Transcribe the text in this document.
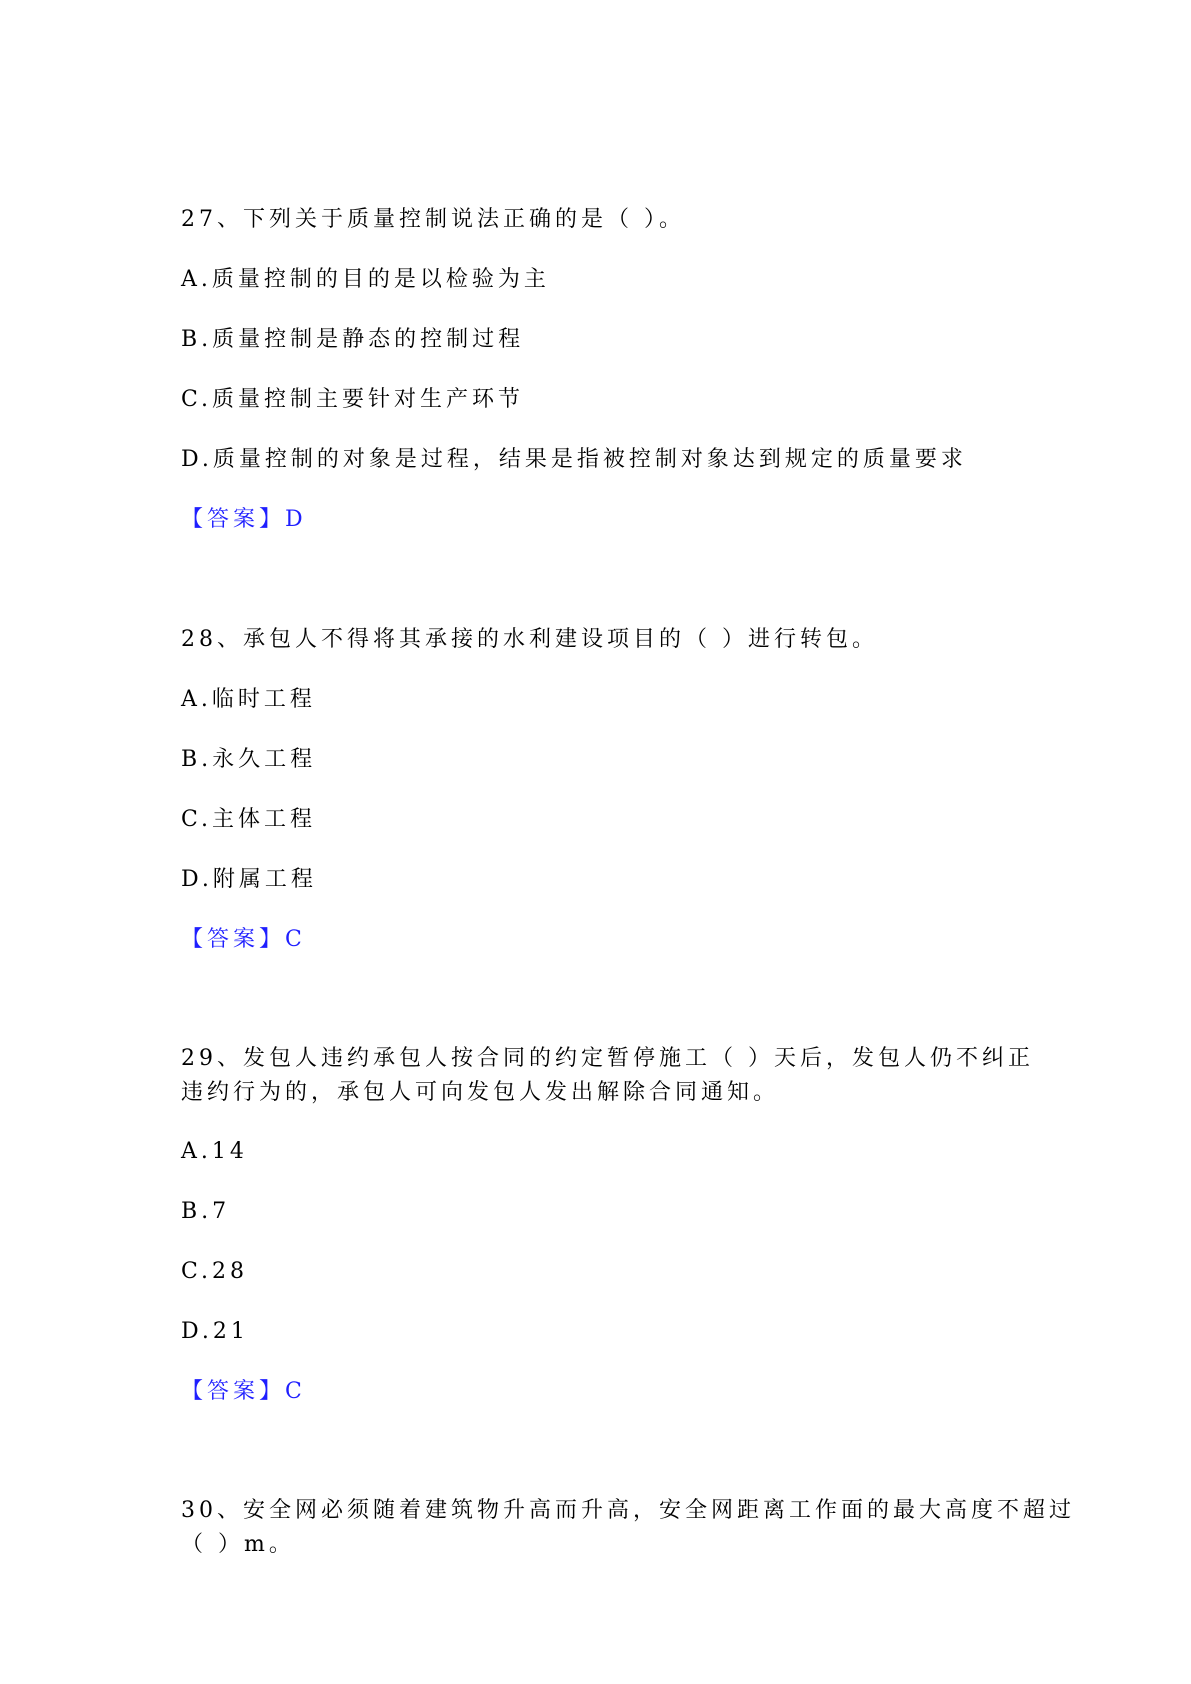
27、下列关于质量控制说法正确的是（ ）。

A.质量控制的目的是以检验为主

B.质量控制是静态的控制过程

C.质量控制主要针对生产环节

D.质量控制的对象是过程，结果是指被控制对象达到规定的质量要求

【答案】D

28、承包人不得将其承接的水利建设项目的（ ）进行转包。

A.临时工程

B.永久工程

C.主体工程

D.附属工程

【答案】C

29、发包人违约承包人按合同的约定暂停施工（ ）天后，发包人仍不纠正

违约行为的，承包人可向发包人发出解除合同通知。

A.14

B.7

C.28

D.21

【答案】C

30、安全网必须随着建筑物升高而升高，安全网距离工作面的最大高度不超过

（ ）m。
